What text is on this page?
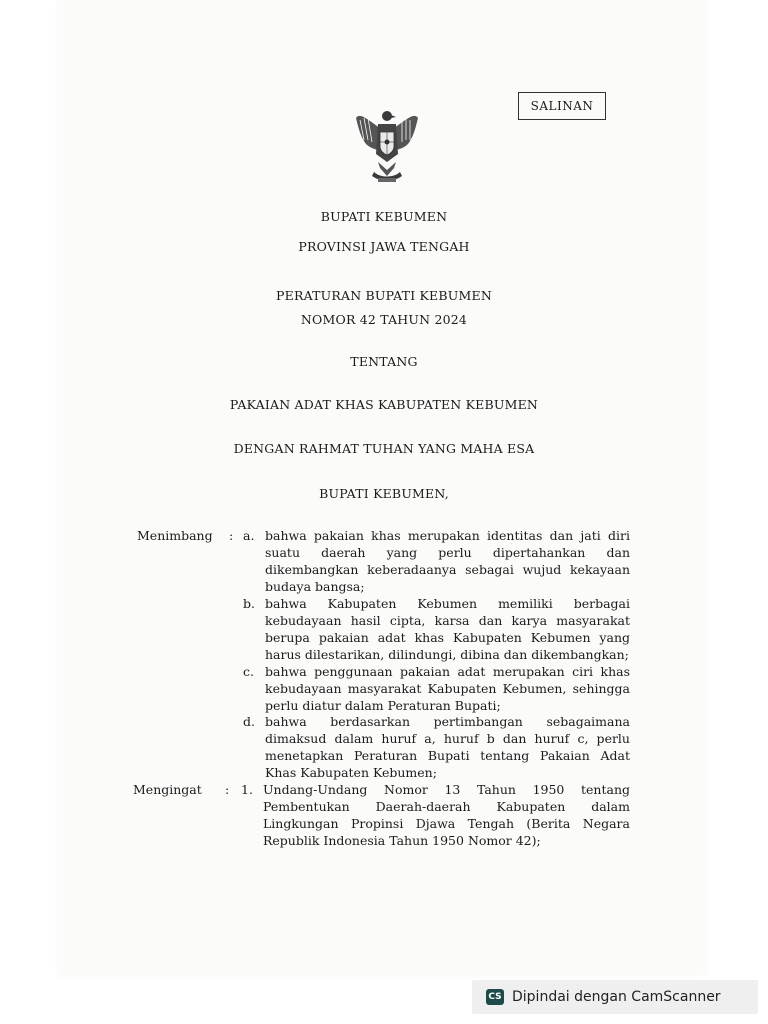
SALINAN
BUPATI KEBUMEN
PROVINSI JAWA TENGAH
PERATURAN BUPATI KEBUMEN
NOMOR 42 TAHUN 2024
TENTANG
PAKAIAN ADAT KHAS KABUPATEN KEBUMEN
DENGAN RAHMAT TUHAN YANG MAHA ESA
BUPATI KEBUMEN,
Menimbang : a. bahwa pakaian khas merupakan identitas dan jati diri suatu daerah yang perlu dipertahankan dan dikembangkan keberadaanya sebagai wujud kekayaan budaya bangsa;
b. bahwa Kabupaten Kebumen memiliki berbagai kebudayaan hasil cipta, karsa dan karya masyarakat berupa pakaian adat khas Kabupaten Kebumen yang harus dilestarikan, dilindungi, dibina dan dikembangkan;
c. bahwa penggunaan pakaian adat merupakan ciri khas kebudayaan masyarakat Kabupaten Kebumen, sehingga perlu diatur dalam Peraturan Bupati;
d. bahwa berdasarkan pertimbangan sebagaimana dimaksud dalam huruf a, huruf b dan huruf c, perlu menetapkan Peraturan Bupati tentang Pakaian Adat Khas Kabupaten Kebumen;
Mengingat : 1. Undang-Undang Nomor 13 Tahun 1950 tentang Pembentukan Daerah-daerah Kabupaten dalam Lingkungan Propinsi Djawa Tengah (Berita Negara Republik Indonesia Tahun 1950 Nomor 42);
CS Dipindai dengan CamScanner
